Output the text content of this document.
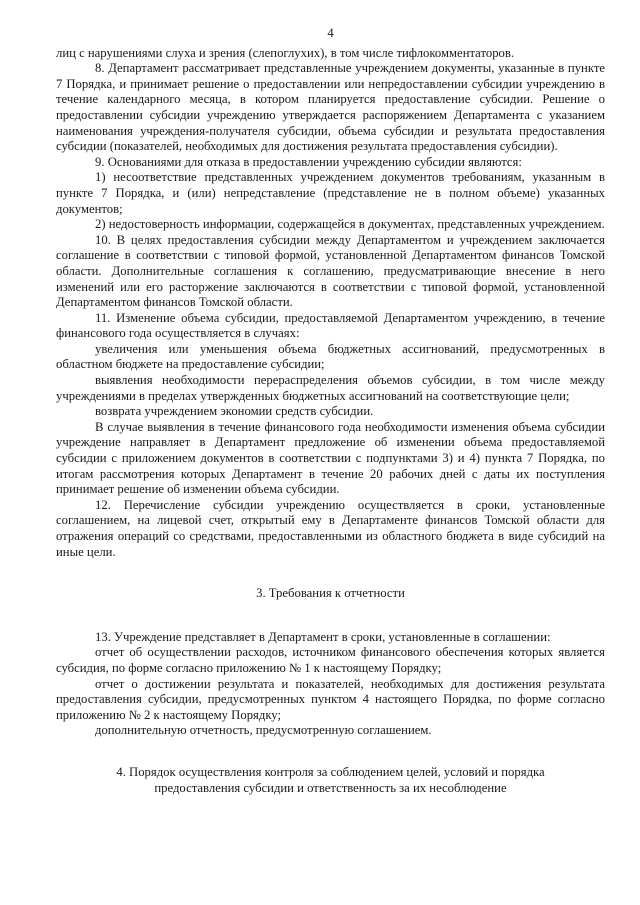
4

лиц с нарушениями слуха и зрения (слепоглухих), в том числе тифлокомментаторов.

8. Департамент рассматривает представленные учреждением документы, указанные в пункте 7 Порядка, и принимает решение о предоставлении или непредоставлении субсидии учреждению в течение календарного месяца, в котором планируется предоставление субсидии. Решение о предоставлении субсидии учреждению утверждается распоряжением Департамента с указанием наименования учреждения-получателя субсидии, объема субсидии и результата предоставления субсидии (показателей, необходимых для достижения результата предоставления субсидии).

9. Основаниями для отказа в предоставлении учреждению субсидии являются:

1) несоответствие представленных учреждением документов требованиям, указанным в пункте 7 Порядка, и (или) непредставление (представление не в полном объеме) указанных документов;

2) недостоверность информации, содержащейся в документах, представленных учреждением.

10. В целях предоставления субсидии между Департаментом и учреждением заключается соглашение в соответствии с типовой формой, установленной Департаментом финансов Томской области. Дополнительные соглашения к соглашению, предусматривающие внесение в него изменений или его расторжение заключаются в соответствии с типовой формой, установленной Департаментом финансов Томской области.

11. Изменение объема субсидии, предоставляемой Департаментом учреждению, в течение финансового года осуществляется в случаях:

увеличения или уменьшения объема бюджетных ассигнований, предусмотренных в областном бюджете на предоставление субсидии;

выявления необходимости перераспределения объемов субсидии, в том числе между учреждениями в пределах утвержденных бюджетных ассигнований на соответствующие цели;

возврата учреждением экономии средств субсидии.

В случае выявления в течение финансового года необходимости изменения объема субсидии учреждение направляет в Департамент предложение об изменении объема предоставляемой субсидии с приложением документов в соответствии с подпунктами 3) и 4) пункта 7 Порядка, по итогам рассмотрения которых Департамент в течение 20 рабочих дней с даты их поступления принимает решение об изменении объема субсидии.

12. Перечисление субсидии учреждению осуществляется в сроки, установленные соглашением, на лицевой счет, открытый ему в Департаменте финансов Томской области для отражения операций со средствами, предоставленными из областного бюджета в виде субсидий на иные цели.

3. Требования к отчетности

13. Учреждение представляет в Департамент в сроки, установленные в соглашении:

отчет об осуществлении расходов, источником финансового обеспечения которых является субсидия, по форме согласно приложению № 1 к настоящему Порядку;

отчет о достижении результата и показателей, необходимых для достижения результата предоставления субсидии, предусмотренных пунктом 4 настоящего Порядка, по форме согласно приложению № 2 к настоящему Порядку;

дополнительную отчетность, предусмотренную соглашением.

4. Порядок осуществления контроля за соблюдением целей, условий и порядка

предоставления субсидии и ответственность за их несоблюдение
